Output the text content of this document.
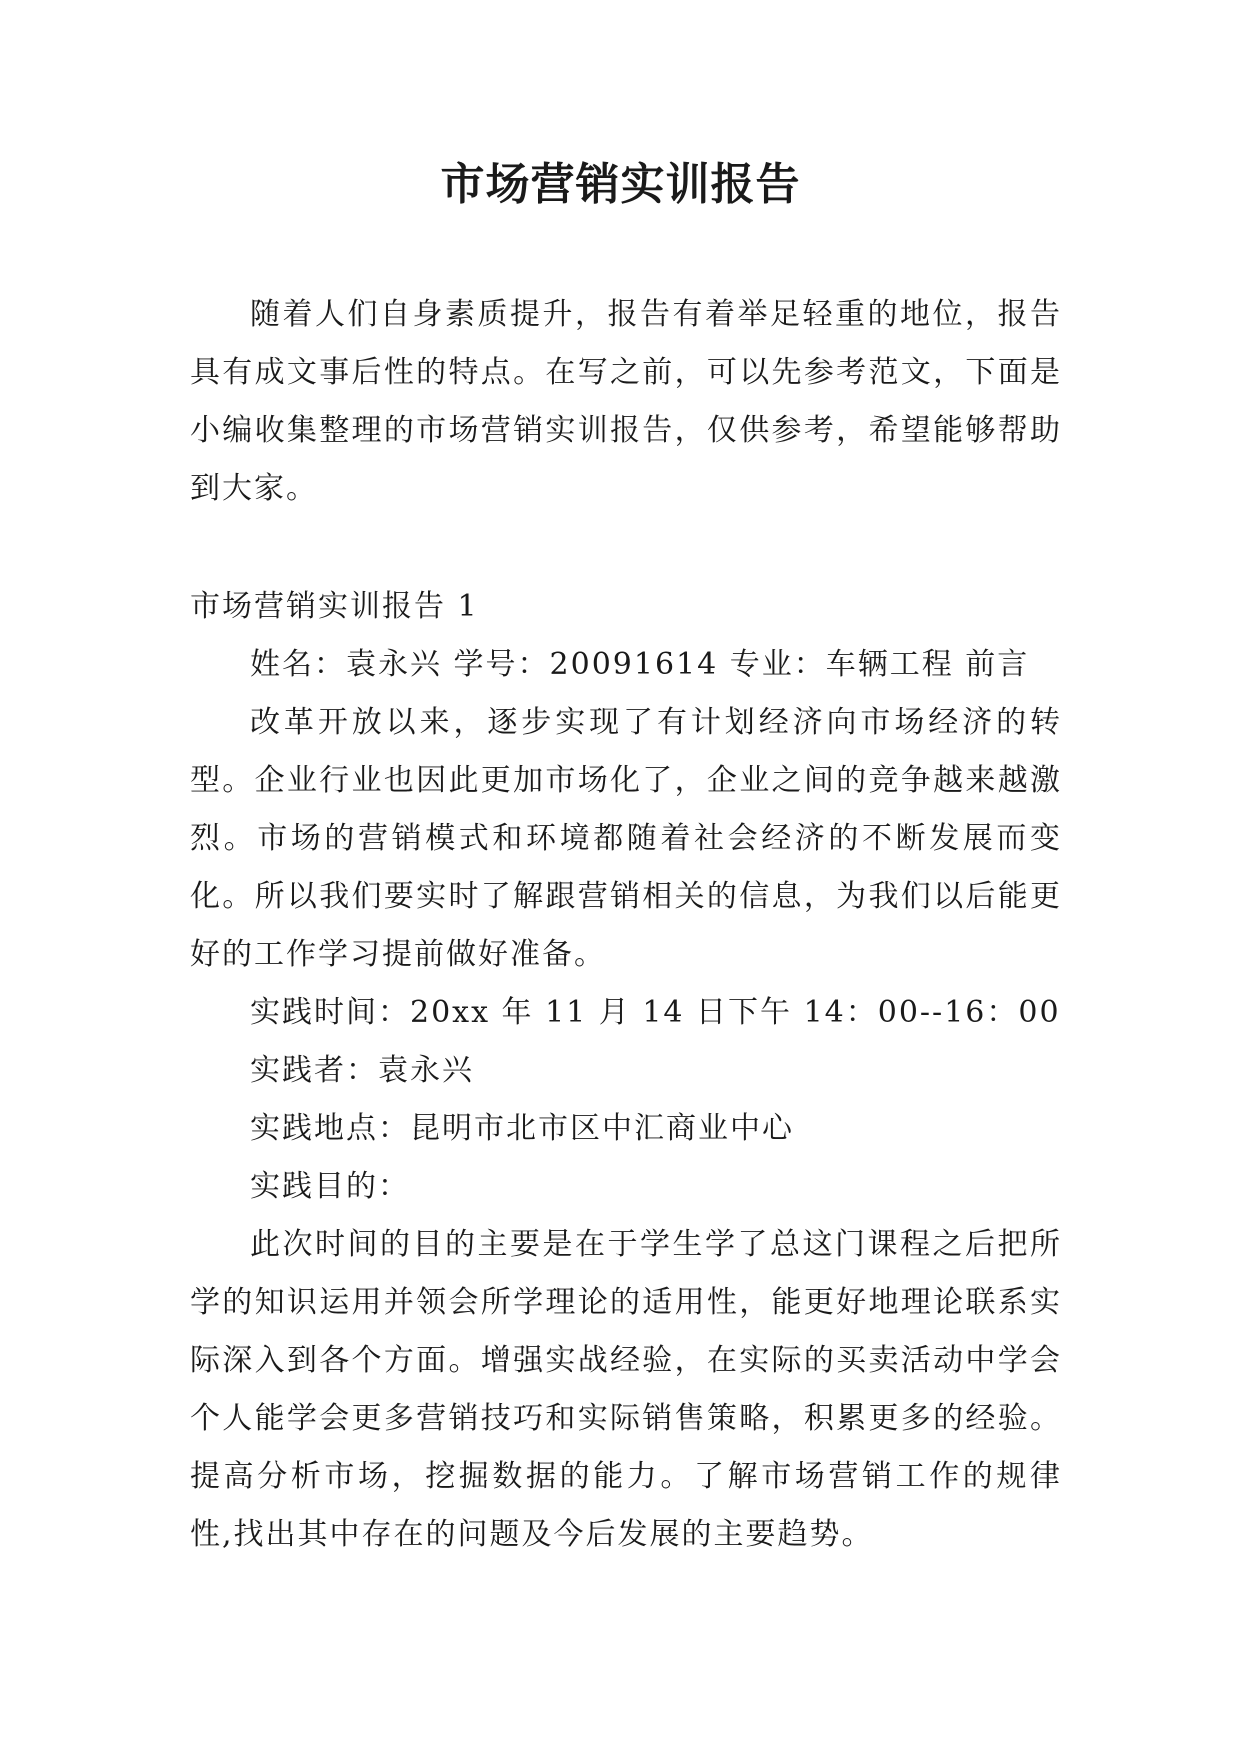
市场营销实训报告

随着人们自身素质提升，报告有着举足轻重的地位，报告具有成文事后性的特点。在写之前，可以先参考范文，下面是小编收集整理的市场营销实训报告，仅供参考，希望能够帮助到大家。

市场营销实训报告 1

姓名：袁永兴 学号：20091614 专业：车辆工程 前言

改革开放以来，逐步实现了有计划经济向市场经济的转型。企业行业也因此更加市场化了，企业之间的竞争越来越激烈。市场的营销模式和环境都随着社会经济的不断发展而变化。所以我们要实时了解跟营销相关的信息，为我们以后能更好的工作学习提前做好准备。

实践时间：20xx 年 11 月 14 日下午 14：00--16：00

实践者：袁永兴

实践地点：昆明市北市区中汇商业中心

实践目的：

此次时间的目的主要是在于学生学了总这门课程之后把所学的知识运用并领会所学理论的适用性，能更好地理论联系实际深入到各个方面。增强实战经验，在实际的买卖活动中学会个人能学会更多营销技巧和实际销售策略，积累更多的经验。提高分析市场，挖掘数据的能力。了解市场营销工作的规律性,找出其中存在的问题及今后发展的主要趋势。
